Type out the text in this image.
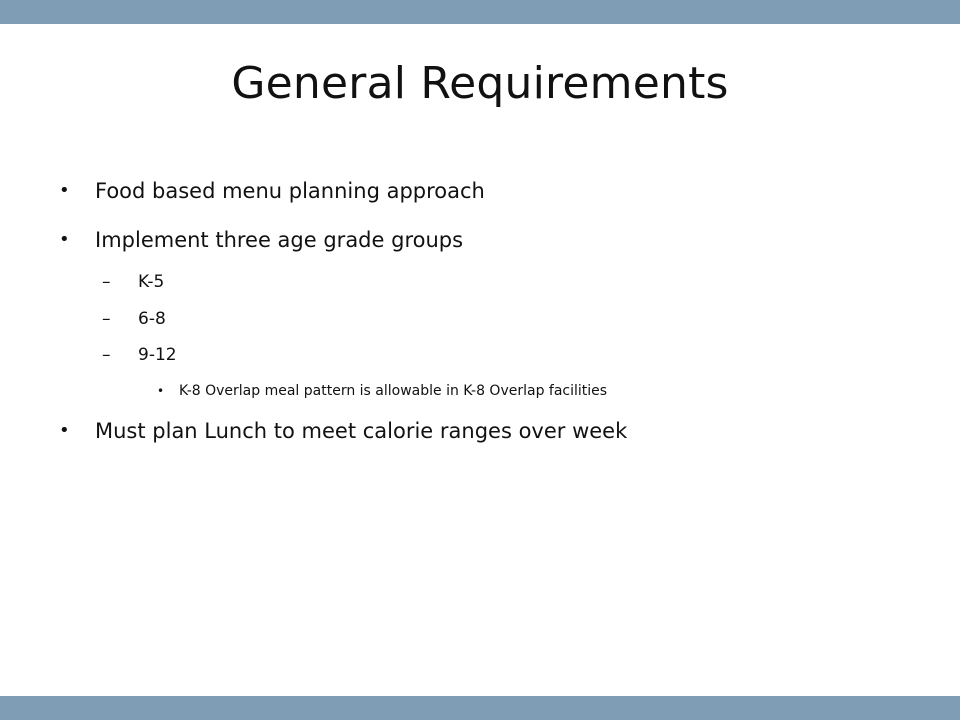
General Requirements
• Food based menu planning approach
• Implement three age grade groups
– K-5
– 6-8
– 9-12
• K-8 Overlap meal pattern is allowable in K-8 Overlap facilities
• Must plan Lunch to meet calorie ranges over week
